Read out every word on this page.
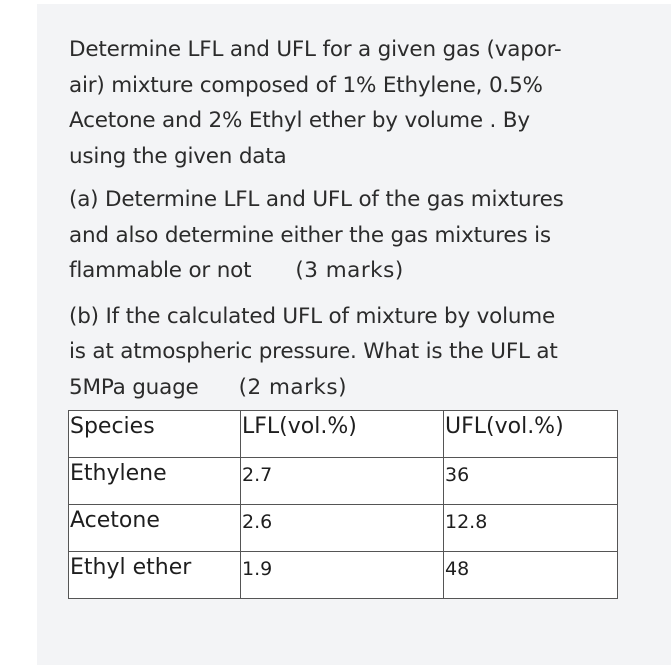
Determine LFL and UFL for a given gas (vapor-
air) mixture composed of 1% Ethylene, 0.5%
Acetone and 2% Ethyl ether by volume . By
using the given data

(a) Determine LFL and UFL of the gas mixtures
and also determine either the gas mixtures is
flammable or not (3 marks)

(b) If the calculated UFL of mixture by volume
is at atmospheric pressure. What is the UFL at
5MPa guage (2 marks)

Species	LFL(vol.%)	UFL(vol.%)
Ethylene	2.7	36
Acetone	2.6	12.8
Ethyl ether	1.9	48
